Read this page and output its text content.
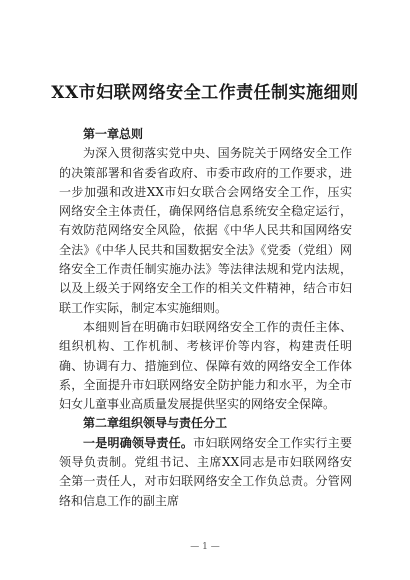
XX市妇联网络安全工作责任制实施细则

第一章总则

为深入贯彻落实党中央、国务院关于网络安全工作的决策部署和省委省政府、市委市政府的工作要求，进一步加强和改进XX市妇女联合会网络安全工作，压实网络安全主体责任，确保网络信息系统安全稳定运行，有效防范网络安全风险，依据《中华人民共和国网络安全法》《中华人民共和国数据安全法》《党委（党组）网络安全工作责任制实施办法》等法律法规和党内法规，以及上级关于网络安全工作的相关文件精神，结合市妇联工作实际，制定本实施细则。

本细则旨在明确市妇联网络安全工作的责任主体、组织机构、工作机制、考核评价等内容，构建责任明确、协调有力、措施到位、保障有效的网络安全工作体系，全面提升市妇联网络安全防护能力和水平，为全市妇女儿童事业高质量发展提供坚实的网络安全保障。

第二章组织领导与责任分工

一是明确领导责任。市妇联网络安全工作实行主要领导负责制。党组书记、主席XX同志是市妇联网络安全第一责任人，对市妇联网络安全工作负总责。分管网络和信息工作的副主席

— 1 —
